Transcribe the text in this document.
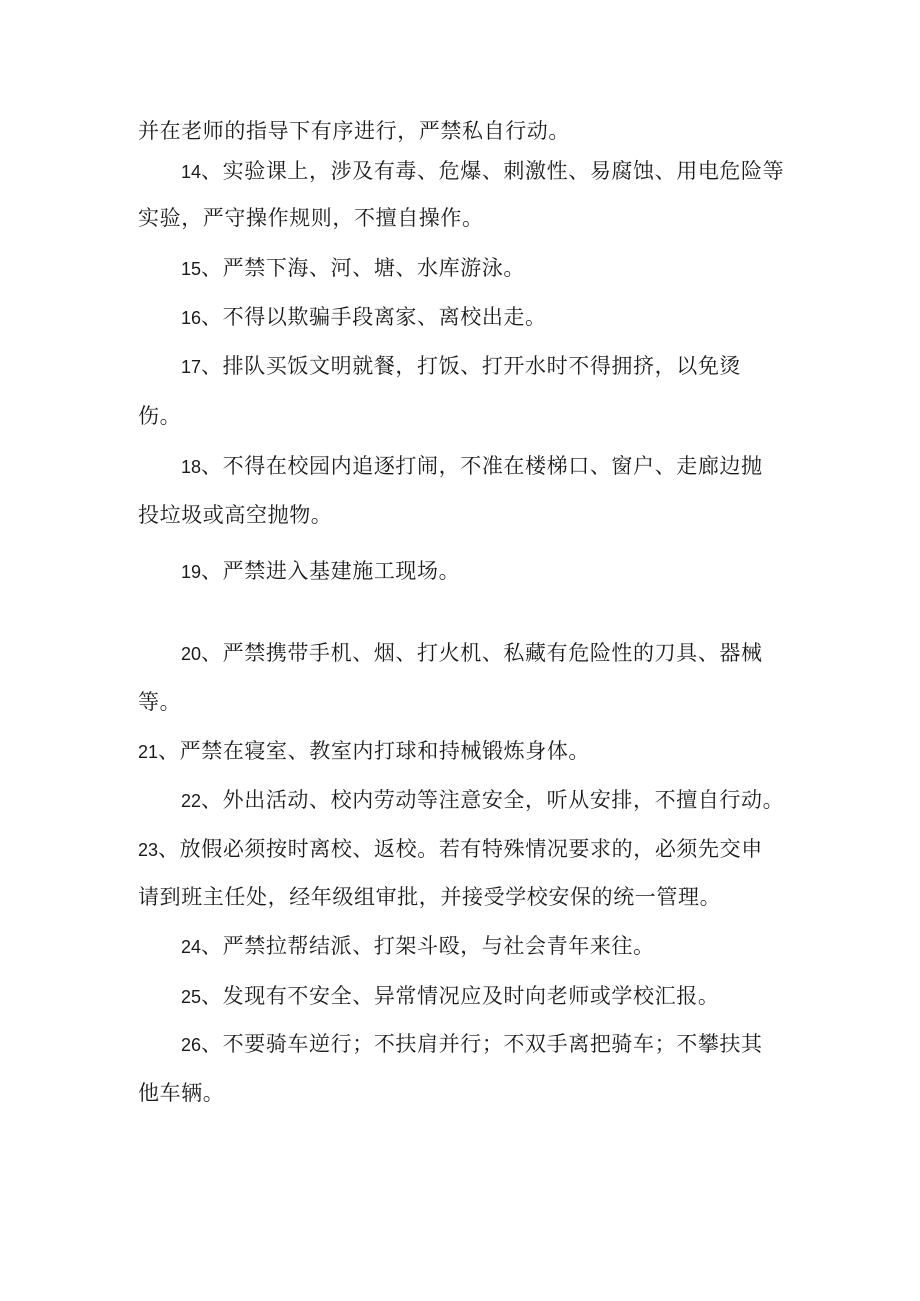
并在老师的指导下有序进行，严禁私自行动。

14、实验课上，涉及有毒、危爆、刺激性、易腐蚀、用电危险等

实验，严守操作规则，不擅自操作。

15、严禁下海、河、塘、水库游泳。

16、不得以欺骗手段离家、离校出走。

17、排队买饭文明就餐，打饭、打开水时不得拥挤，以免烫

伤。

18、不得在校园内追逐打闹，不准在楼梯口、窗户、走廊边抛

投垃圾或高空抛物。

19、严禁进入基建施工现场。

20、严禁携带手机、烟、打火机、私藏有危险性的刀具、器械

等。

21、严禁在寝室、教室内打球和持械锻炼身体。

22、外出活动、校内劳动等注意安全，听从安排，不擅自行动。

23、放假必须按时离校、返校。若有特殊情况要求的，必须先交申

请到班主任处，经年级组审批，并接受学校安保的统一管理。

24、严禁拉帮结派、打架斗殴，与社会青年来往。

25、发现有不安全、异常情况应及时向老师或学校汇报。

26、不要骑车逆行；不扶肩并行；不双手离把骑车；不攀扶其

他车辆。
